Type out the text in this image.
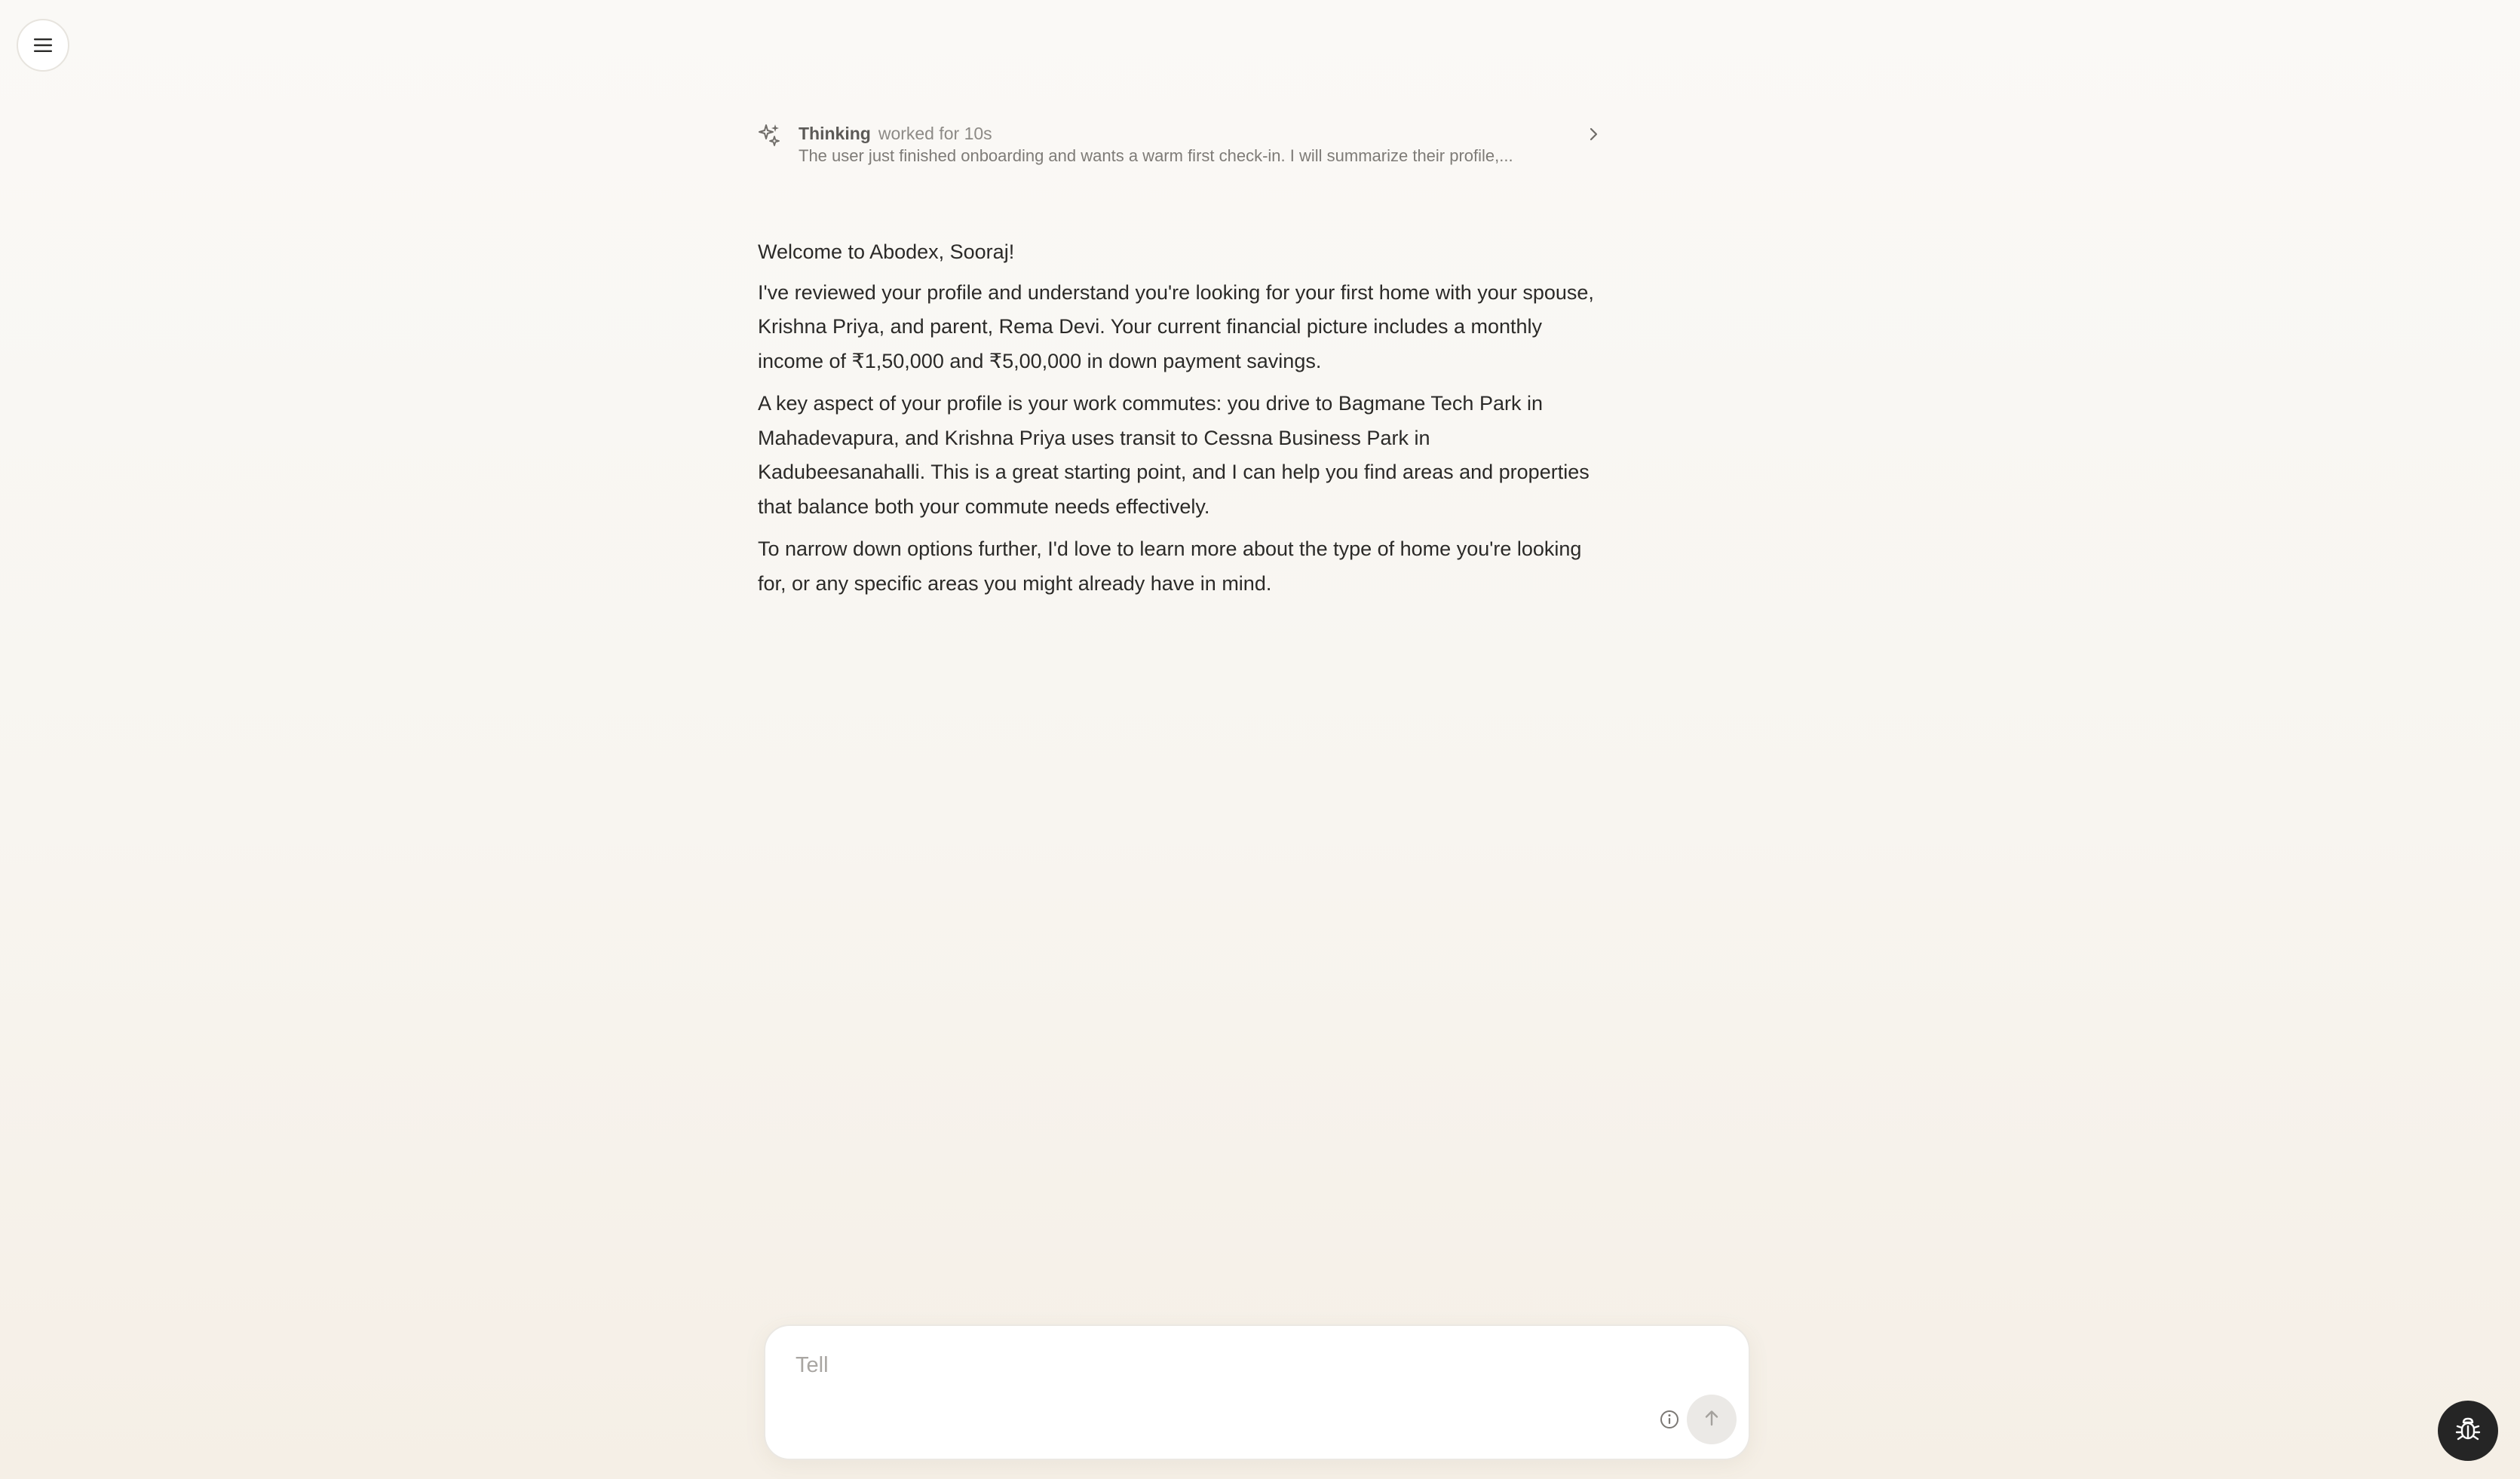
Thinking worked for 10s
The user just finished onboarding and wants a warm first check-in. I will summarize their profile,...

Welcome to Abodex, Sooraj!

I've reviewed your profile and understand you're looking for your first home with your spouse, Krishna Priya, and parent, Rema Devi. Your current financial picture includes a monthly income of ₹1,50,000 and ₹5,00,000 in down payment savings.

A key aspect of your profile is your work commutes: you drive to Bagmane Tech Park in Mahadevapura, and Krishna Priya uses transit to Cessna Business Park in Kadubeesanahalli. This is a great starting point, and I can help you find areas and properties that balance both your commute needs effectively.

To narrow down options further, I'd love to learn more about the type of home you're looking for, or any specific areas you might already have in mind.

Tell
